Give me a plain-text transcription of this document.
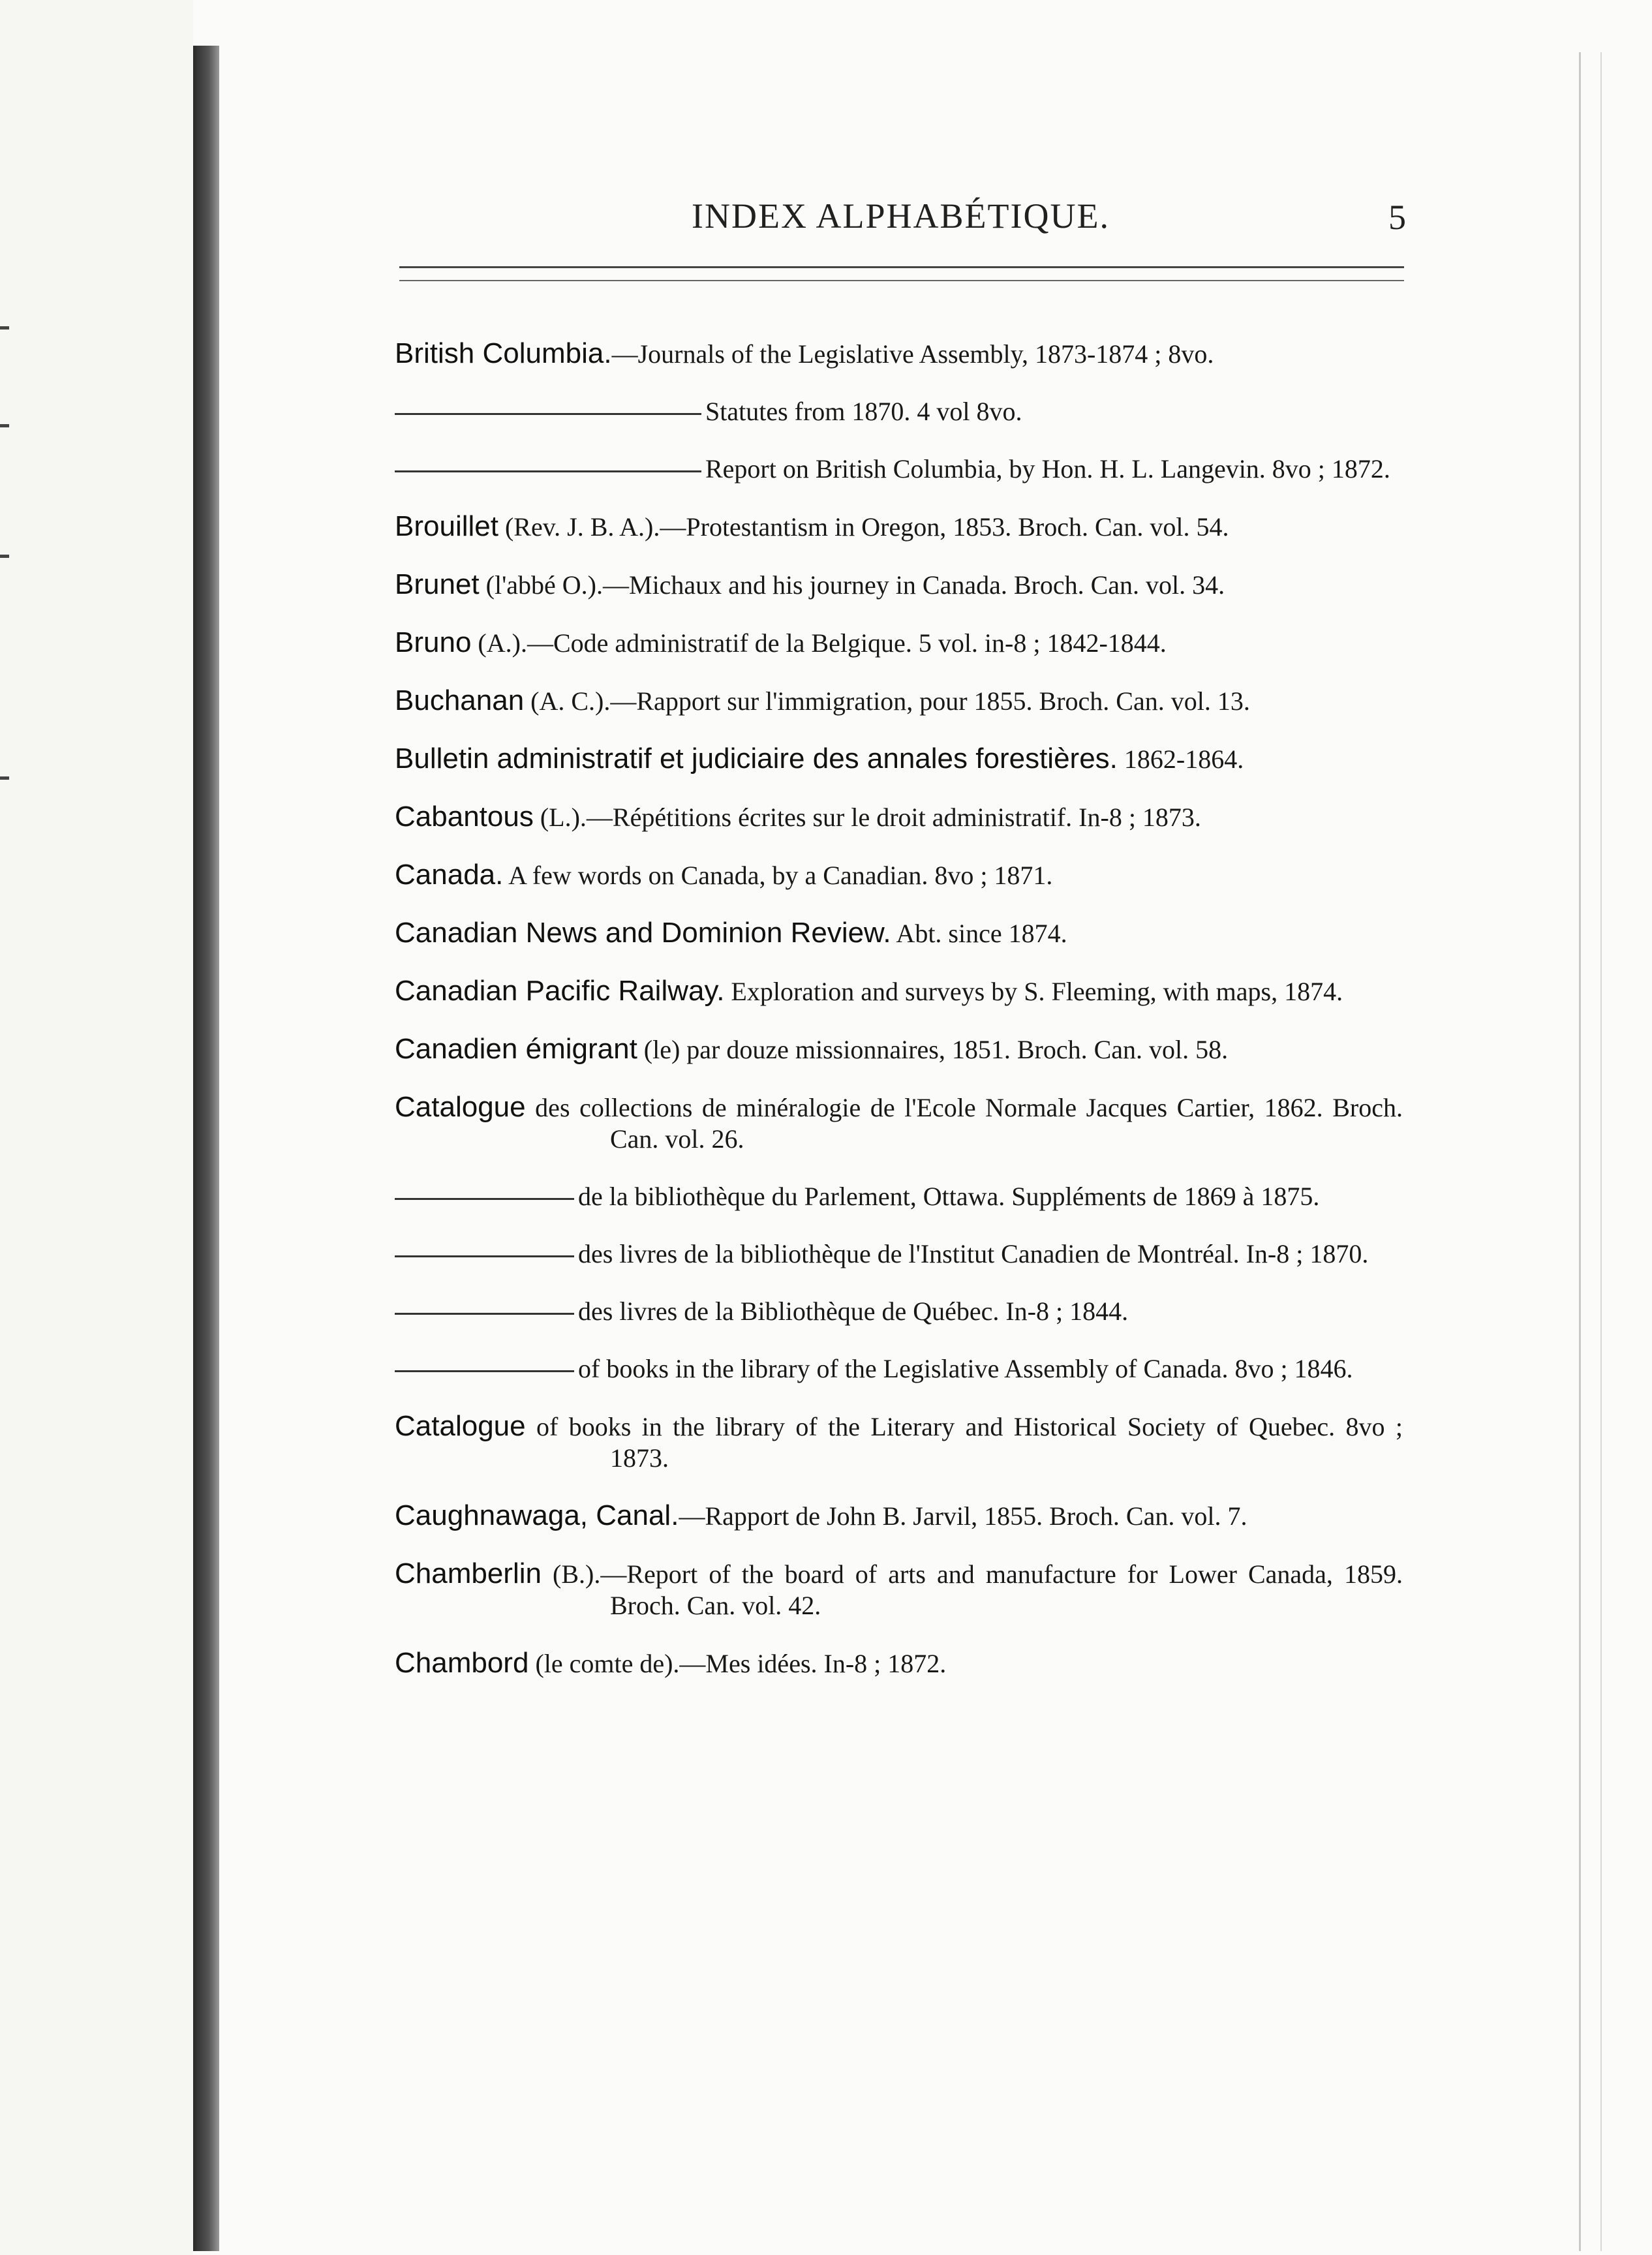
INDEX ALPHABÉTIQUE.	5

British Columbia.—Journals of the Legislative Assembly, 1873-1874 ; 8vo.

Statutes from 1870. 4 vol 8vo.

Report on British Columbia, by Hon. H. L. Langevin. 8vo ; 1872.

Brouillet (Rev. J. B. A.).—Protestantism in Oregon, 1853. Broch. Can. vol. 54.

Brunet (l'abbé O.).—Michaux and his journey in Canada. Broch. Can. vol. 34.

Bruno (A.).—Code administratif de la Belgique. 5 vol. in-8 ; 1842-1844.

Buchanan (A. C.).—Rapport sur l'immigration, pour 1855. Broch. Can. vol. 13.

Bulletin administratif et judiciaire des annales forestières. 1862-1864.

Cabantous (L.).—Répétitions écrites sur le droit administratif. In-8 ; 1873.

Canada. A few words on Canada, by a Canadian. 8vo ; 1871.

Canadian News and Dominion Review. Abt. since 1874.

Canadian Pacific Railway. Exploration and surveys by S. Fleeming, with maps, 1874.

Canadien émigrant (le) par douze missionnaires, 1851. Broch. Can. vol. 58.

Catalogue des collections de minéralogie de l'Ecole Normale Jacques Cartier, 1862. Broch. Can. vol. 26.

de la bibliothèque du Parlement, Ottawa. Suppléments de 1869 à 1875.

des livres de la bibliothèque de l'Institut Canadien de Montréal. In-8 ; 1870.

des livres de la Bibliothèque de Québec. In-8 ; 1844.

of books in the library of the Legislative Assembly of Canada. 8vo ; 1846.

Catalogue of books in the library of the Literary and Historical Society of Quebec. 8vo ; 1873.

Caughnawaga, Canal.—Rapport de John B. Jarvil, 1855. Broch. Can. vol. 7.

Chamberlin (B.).—Report of the board of arts and manufacture for Lower Canada, 1859. Broch. Can. vol. 42.

Chambord (le comte de).—Mes idées. In-8 ; 1872.
